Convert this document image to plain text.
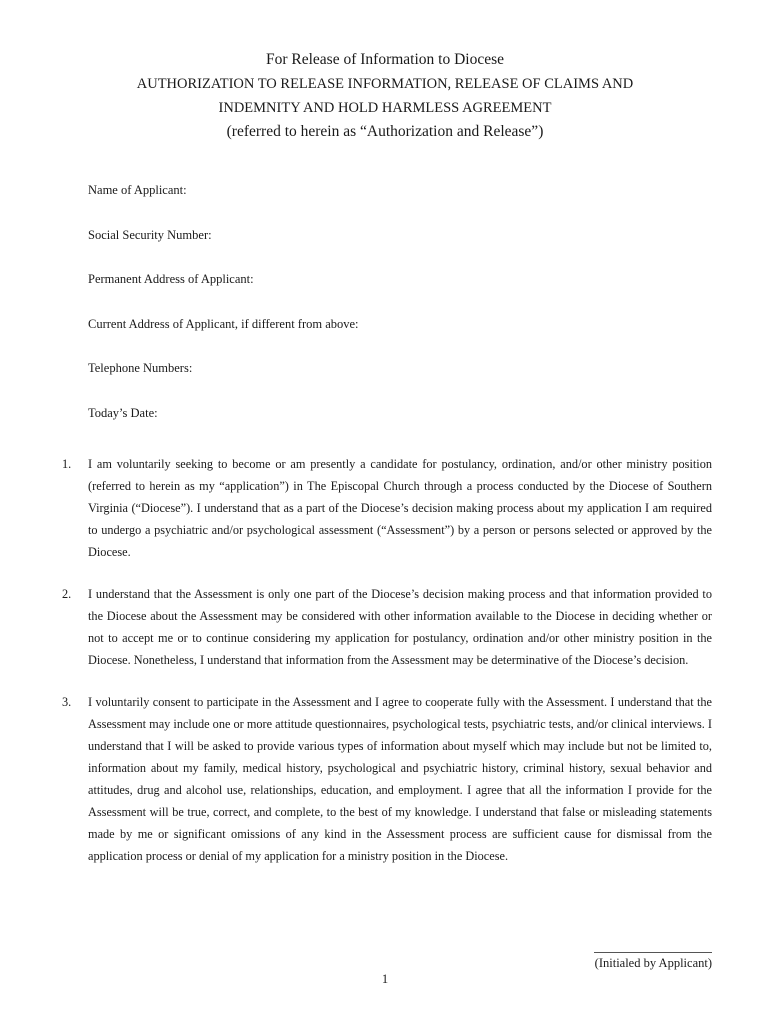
For Release of Information to Diocese
AUTHORIZATION TO RELEASE INFORMATION, RELEASE OF CLAIMS AND
INDEMNITY AND HOLD HARMLESS AGREEMENT
(referred to herein as “Authorization and Release”)
Name of Applicant:
Social Security Number:
Permanent Address of Applicant:
Current Address of Applicant, if different from above:
Telephone Numbers:
Today’s Date:
1. I am voluntarily seeking to become or am presently a candidate for postulancy, ordination, and/or other ministry position (referred to herein as my “application”) in The Episcopal Church through a process conducted by the Diocese of Southern Virginia (“Diocese”). I understand that as a part of the Diocese’s decision making process about my application I am required to undergo a psychiatric and/or psychological assessment (“Assessment”) by a person or persons selected or approved by the Diocese.
2. I understand that the Assessment is only one part of the Diocese’s decision making process and that information provided to the Diocese about the Assessment may be considered with other information available to the Diocese in deciding whether or not to accept me or to continue considering my application for postulancy, ordination and/or other ministry position in the Diocese. Nonetheless, I understand that information from the Assessment may be determinative of the Diocese’s decision.
3. I voluntarily consent to participate in the Assessment and I agree to cooperate fully with the Assessment. I understand that the Assessment may include one or more attitude questionnaires, psychological tests, psychiatric tests, and/or clinical interviews. I understand that I will be asked to provide various types of information about myself which may include but not be limited to, information about my family, medical history, psychological and psychiatric history, criminal history, sexual behavior and attitudes, drug and alcohol use, relationships, education, and employment. I agree that all the information I provide for the Assessment will be true, correct, and complete, to the best of my knowledge. I understand that false or misleading statements made by me or significant omissions of any kind in the Assessment process are sufficient cause for dismissal from the application process or denial of my application for a ministry position in the Diocese.
(Initialed by Applicant)
1
